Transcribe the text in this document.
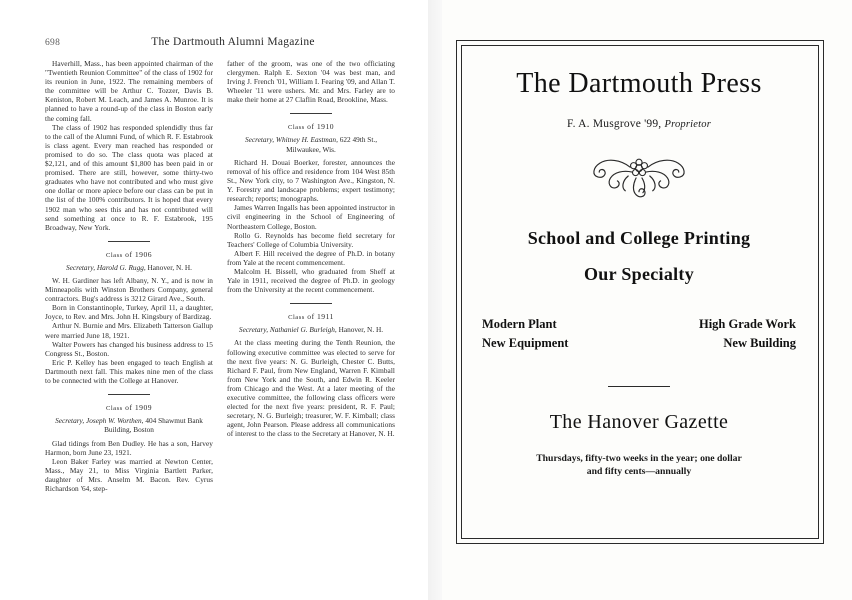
698	The Dartmouth Alumni Magazine

Haverhill, Mass., has been appointed chairman of the "Twentieth Reunion Committee" of the class of 1902 for its reunion in June, 1922. The remaining members of the committee will be Arthur C. Tozzer, Davis B. Keniston, Robert M. Leach, and James A. Munroe. It is planned to have a round-up of the class in Boston early the coming fall.

The class of 1902 has responded splendidly thus far to the call of the Alumni Fund, of which R. F. Estabrook is class agent. Every man reached has responded or promised to do so. The class quota was placed at $2,121, and of this amount $1,800 has been paid in or promised. There are still, however, some thirty-two graduates who have not contributed and who must give one dollar or more apiece before our class can be put in the list of the 100% contributors. It is hoped that every 1902 man who sees this and has not contributed will send something at once to R. F. Estabrook, 195 Broadway, New York.

Class of 1906
Secretary, Harold G. Rugg, Hanover, N. H.

W. H. Gardiner has left Albany, N. Y., and is now in Minneapolis with Winston Brothers Company, general contractors. Bug's address is 3212 Girard Ave., South.

Born in Constantinople, Turkey, April 11, a daughter, Joyce, to Rev. and Mrs. John H. Kingsbury of Bardizag.

Arthur N. Burnie and Mrs. Elizabeth Tatterson Gallup were married June 18, 1921.

Walter Powers has changed his business address to 15 Congress St., Boston.

Eric P. Kelley has been engaged to teach English at Dartmouth next fall. This makes nine men of the class to be connected with the College at Hanover.

Class of 1909
Secretary, Joseph W. Worthen, 404 Shawmut Bank Building, Boston

Glad tidings from Ben Dudley. He has a son, Harvey Harmon, born June 23, 1921.

Leon Baker Farley was married at Newton Center, Mass., May 21, to Miss Virginia Bartlett Parker, daughter of Mrs. Anselm M. Bacon. Rev. Cyrus Richardson '64, step-

father of the groom, was one of the two officiating clergymen. Ralph E. Sexton '04 was best man, and Irving J. French '01, William I. Fearing '09, and Allan T. Wheeler '11 were ushers. Mr. and Mrs. Farley are to make their home at 27 Claflin Road, Brookline, Mass.

Class of 1910
Secretary, Whitney H. Eastman, 622 49th St., Milwaukee, Wis.

Richard H. Douai Boerker, forester, announces the removal of his office and residence from 104 West 85th St., New York city, to 7 Washington Ave., Kingston, N. Y. Forestry and landscape problems; expert testimony; research; reports; monographs.

James Warren Ingalls has been appointed instructor in civil engineering in the School of Engineering of Northeastern College, Boston.

Rollo G. Reynolds has become field secretary for Teachers' College of Columbia University.

Albert F. Hill received the degree of Ph.D. in botany from Yale at the recent commencement.

Malcolm H. Bissell, who graduated from Sheff at Yale in 1911, received the degree of Ph.D. in geology from the University at the recent commencement.

Class of 1911
Secretary, Nathaniel G. Burleigh, Hanover, N. H.

At the class meeting during the Tenth Reunion, the following executive committee was elected to serve for the next five years: N. G. Burleigh, Chester C. Butts, Richard F. Paul, from New England, Warren F. Kimball from New York and the South, and Edwin R. Keeler from Chicago and the West. At a later meeting of the executive committee, the following class officers were elected for the next five years: president, R. F. Paul; secretary, N. G. Burleigh; treasurer, W. F. Kimball; class agent, John Pearson. Please address all communications of interest to the class to the Secretary at Hanover, N. H.

The Dartmouth Press
F. A. Musgrove '99, Proprietor
School and College Printing
Our Specialty
Modern Plant
New Equipment
High Grade Work
New Building
The Hanover Gazette
Thursdays, fifty-two weeks in the year; one dollar
and fifty cents—annually
